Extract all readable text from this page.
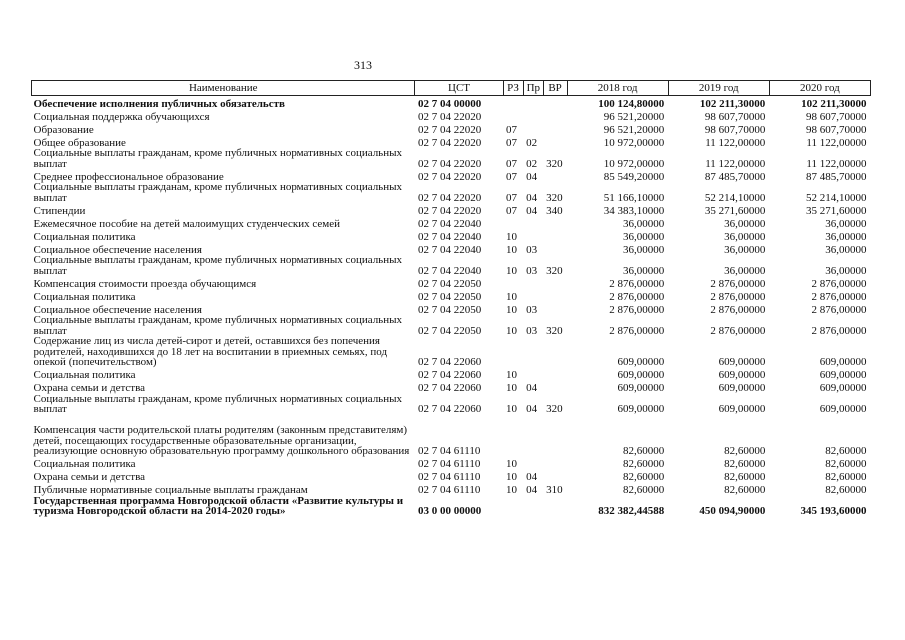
313
Наименование	ЦСТ	РЗ	Пр	ВР	2018 год	2019 год	2020 год
Обеспечение исполнения публичных обязательств	02 7 04 00000				100 124,80000	102 211,30000	102 211,30000
Социальная поддержка обучающихся	02 7 04 22020				96 521,20000	98 607,70000	98 607,70000
Образование	02 7 04 22020	07			96 521,20000	98 607,70000	98 607,70000
Общее образование	02 7 04 22020	07	02		10 972,00000	11 122,00000	11 122,00000
Социальные выплаты гражданам, кроме публичных нормативных социальных выплат	02 7 04 22020	07	02	320	10 972,00000	11 122,00000	11 122,00000
Среднее профессиональное образование	02 7 04 22020	07	04		85 549,20000	87 485,70000	87 485,70000
Социальные выплаты гражданам, кроме публичных нормативных социальных выплат	02 7 04 22020	07	04	320	51 166,10000	52 214,10000	52 214,10000
Стипендии	02 7 04 22020	07	04	340	34 383,10000	35 271,60000	35 271,60000
Ежемесячное пособие на детей малоимущих студенческих семей	02 7 04 22040				36,00000	36,00000	36,00000
Социальная политика	02 7 04 22040	10			36,00000	36,00000	36,00000
Социальное обеспечение населения	02 7 04 22040	10	03		36,00000	36,00000	36,00000
Социальные выплаты гражданам, кроме публичных нормативных социальных выплат	02 7 04 22040	10	03	320	36,00000	36,00000	36,00000
Компенсация стоимости проезда обучающимся	02 7 04 22050				2 876,00000	2 876,00000	2 876,00000
Социальная политика	02 7 04 22050	10			2 876,00000	2 876,00000	2 876,00000
Социальное обеспечение населения	02 7 04 22050	10	03		2 876,00000	2 876,00000	2 876,00000
Социальные выплаты гражданам, кроме публичных нормативных социальных выплат	02 7 04 22050	10	03	320	2 876,00000	2 876,00000	2 876,00000
Содержание лиц из числа детей-сирот и детей, оставшихся без попечения родителей, находившихся до 18 лет на воспитании в приемных семьях, под опекой (попечительством)	02 7 04 22060				609,00000	609,00000	609,00000
Социальная политика	02 7 04 22060	10			609,00000	609,00000	609,00000
Охрана семьи и детства	02 7 04 22060	10	04		609,00000	609,00000	609,00000
Социальные выплаты гражданам, кроме публичных нормативных социальных выплат	02 7 04 22060	10	04	320	609,00000	609,00000	609,00000
Компенсация части родительской платы родителям (законным представителям) детей, посещающих государственные образовательные организации, реализующие основную образовательную программу дошкольного образования	02 7 04 61110				82,60000	82,60000	82,60000
Социальная политика	02 7 04 61110	10			82,60000	82,60000	82,60000
Охрана семьи и детства	02 7 04 61110	10	04		82,60000	82,60000	82,60000
Публичные нормативные социальные выплаты гражданам	02 7 04 61110	10	04	310	82,60000	82,60000	82,60000
Государственная программа Новгородской области «Развитие культуры и туризма Новгородской области на 2014-2020 годы»	03 0 00 00000				832 382,44588	450 094,90000	345 193,60000
